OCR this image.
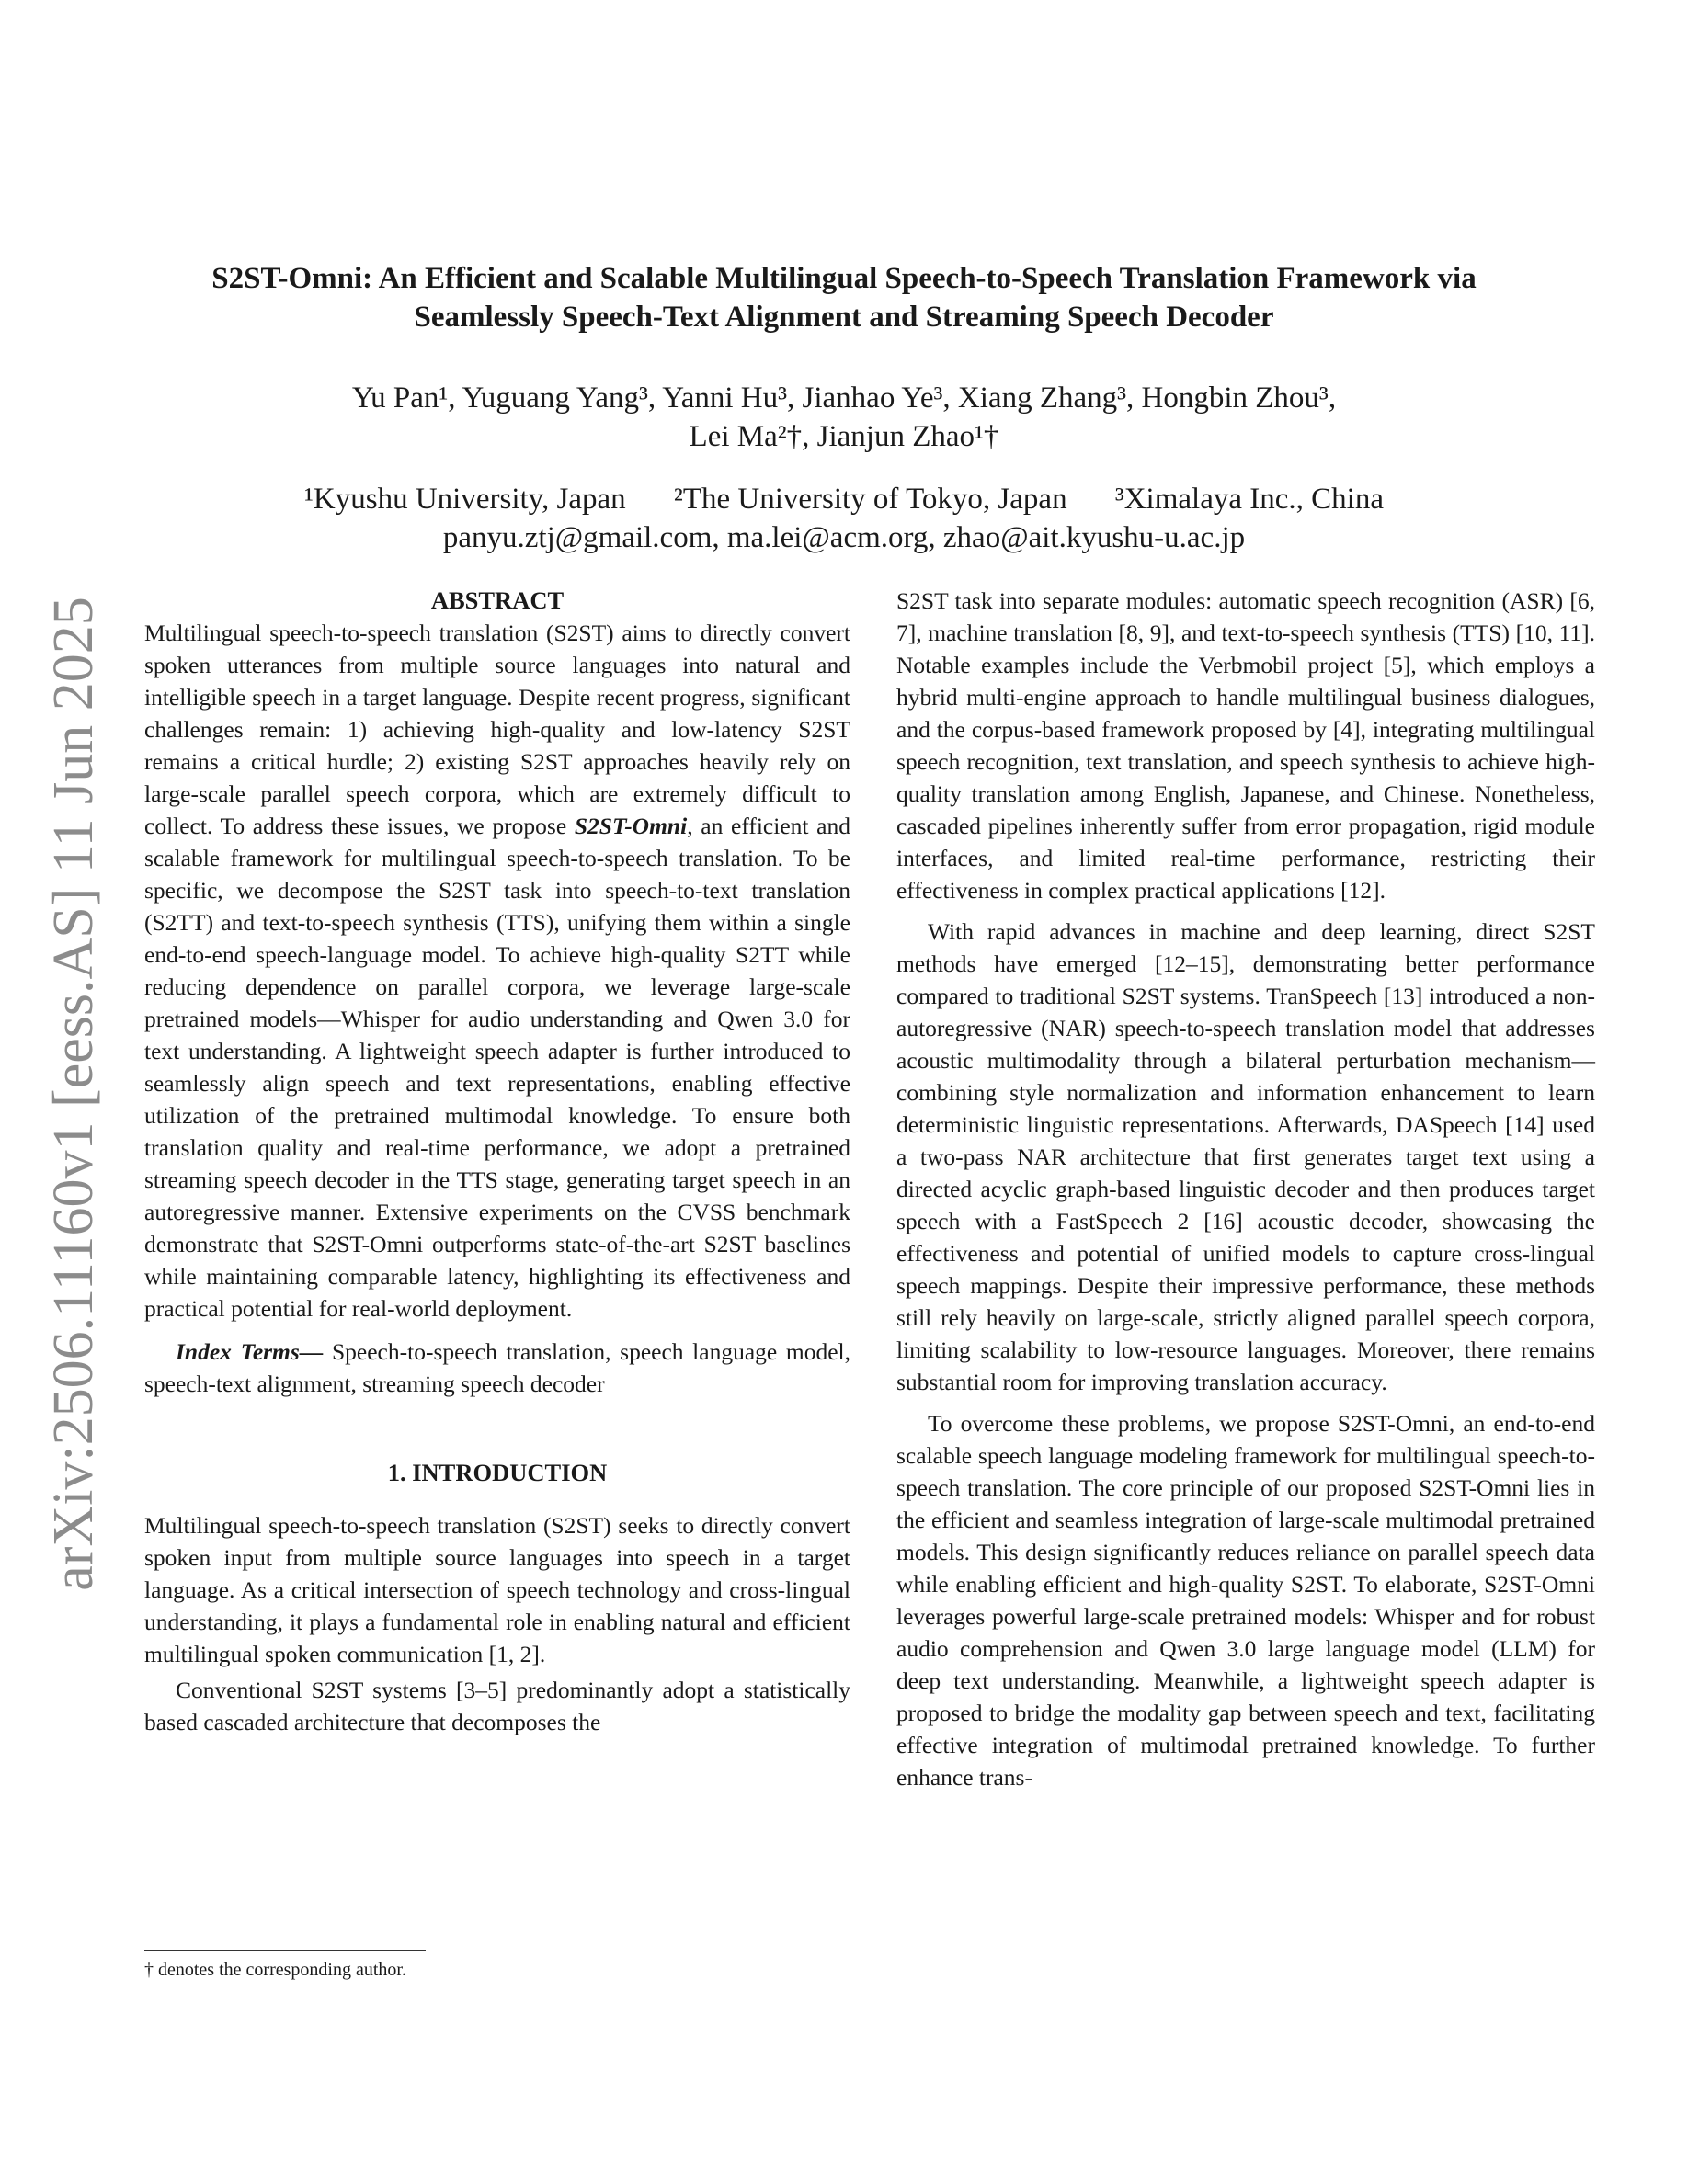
arXiv:2506.11160v1 [eess.AS] 11 Jun 2025
S2ST-Omni: An Efficient and Scalable Multilingual Speech-to-Speech Translation Framework via
Seamlessly Speech-Text Alignment and Streaming Speech Decoder
Yu Pan¹, Yuguang Yang³, Yanni Hu³, Jianhao Ye³, Xiang Zhang³, Hongbin Zhou³,
Lei Ma²†, Jianjun Zhao¹†
¹Kyushu University, Japan ²The University of Tokyo, Japan ³Ximalaya Inc., China
panyu.ztj@gmail.com, ma.lei@acm.org, zhao@ait.kyushu-u.ac.jp

ABSTRACT

Multilingual speech-to-speech translation (S2ST) aims to directly convert spoken utterances from multiple source languages into natural and intelligible speech in a target language. Despite recent progress, significant challenges remain: 1) achieving high-quality and low-latency S2ST remains a critical hurdle; 2) existing S2ST approaches heavily rely on large-scale parallel speech corpora, which are extremely difficult to collect. To address these issues, we propose S2ST-Omni, an efficient and scalable framework for multilingual speech-to-speech translation. To be specific, we decompose the S2ST task into speech-to-text translation (S2TT) and text-to-speech synthesis (TTS), unifying them within a single end-to-end speech-language model. To achieve high-quality S2TT while reducing dependence on parallel corpora, we leverage large-scale pretrained models—Whisper for audio understanding and Qwen 3.0 for text understanding. A lightweight speech adapter is further introduced to seamlessly align speech and text representations, enabling effective utilization of the pretrained multimodal knowledge. To ensure both translation quality and real-time performance, we adopt a pretrained streaming speech decoder in the TTS stage, generating target speech in an autoregressive manner. Extensive experiments on the CVSS benchmark demonstrate that S2ST-Omni outperforms state-of-the-art S2ST baselines while maintaining comparable latency, highlighting its effectiveness and practical potential for real-world deployment.

Index Terms— Speech-to-speech translation, speech language model, speech-text alignment, streaming speech decoder

1. INTRODUCTION

Multilingual speech-to-speech translation (S2ST) seeks to directly convert spoken input from multiple source languages into speech in a target language. As a critical intersection of speech technology and cross-lingual understanding, it plays a fundamental role in enabling natural and efficient multilingual spoken communication [1, 2].

Conventional S2ST systems [3–5] predominantly adopt a statistically based cascaded architecture that decomposes the

S2ST task into separate modules: automatic speech recognition (ASR) [6, 7], machine translation [8, 9], and text-to-speech synthesis (TTS) [10, 11]. Notable examples include the Verbmobil project [5], which employs a hybrid multi-engine approach to handle multilingual business dialogues, and the corpus-based framework proposed by [4], integrating multilingual speech recognition, text translation, and speech synthesis to achieve high-quality translation among English, Japanese, and Chinese. Nonetheless, cascaded pipelines inherently suffer from error propagation, rigid module interfaces, and limited real-time performance, restricting their effectiveness in complex practical applications [12].

With rapid advances in machine and deep learning, direct S2ST methods have emerged [12–15], demonstrating better performance compared to traditional S2ST systems. TranSpeech [13] introduced a non-autoregressive (NAR) speech-to-speech translation model that addresses acoustic multimodality through a bilateral perturbation mechanism—combining style normalization and information enhancement to learn deterministic linguistic representations. Afterwards, DASpeech [14] used a two-pass NAR architecture that first generates target text using a directed acyclic graph-based linguistic decoder and then produces target speech with a FastSpeech 2 [16] acoustic decoder, showcasing the effectiveness and potential of unified models to capture cross-lingual speech mappings. Despite their impressive performance, these methods still rely heavily on large-scale, strictly aligned parallel speech corpora, limiting scalability to low-resource languages. Moreover, there remains substantial room for improving translation accuracy.

To overcome these problems, we propose S2ST-Omni, an end-to-end scalable speech language modeling framework for multilingual speech-to-speech translation. The core principle of our proposed S2ST-Omni lies in the efficient and seamless integration of large-scale multimodal pretrained models. This design significantly reduces reliance on parallel speech data while enabling efficient and high-quality S2ST. To elaborate, S2ST-Omni leverages powerful large-scale pretrained models: Whisper and for robust audio comprehension and Qwen 3.0 large language model (LLM) for deep text understanding. Meanwhile, a lightweight speech adapter is proposed to bridge the modality gap between speech and text, facilitating effective integration of multimodal pretrained knowledge. To further enhance trans-

† denotes the corresponding author.
